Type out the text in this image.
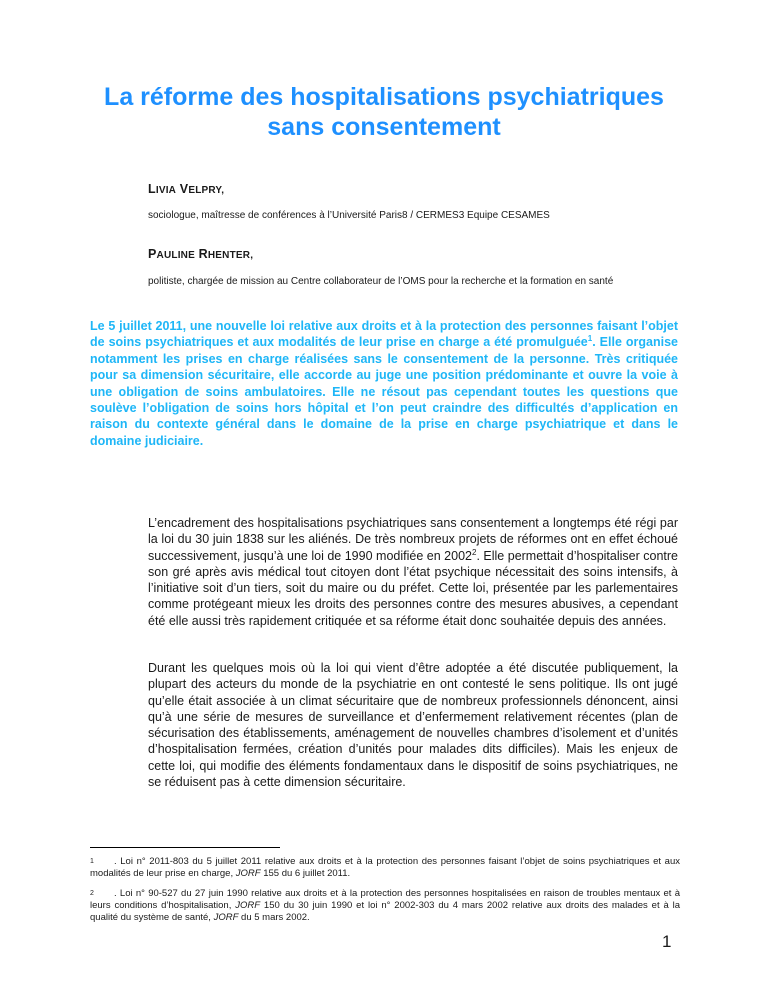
La réforme des hospitalisations psychiatriques
sans consentement
LIVIA VELPRY,
sociologue, maîtresse de conférences à l’Université Paris8 / CERMES3 Equipe CESAMES
PAULINE RHENTER,
politiste, chargée de mission au Centre collaborateur de l’OMS pour la recherche et la formation en santé

Le 5 juillet 2011, une nouvelle loi relative aux droits et à la protection des personnes faisant l’objet de soins psychiatriques et aux modalités de leur prise en charge a été promulguée$^1$. Elle organise notamment les prises en charge réalisées sans le consentement de la personne. Très critiquée pour sa dimension sécuritaire, elle accorde au juge une position prédominante et ouvre la voie à une obligation de soins ambulatoires. Elle ne résout pas cependant toutes les questions que soulève l’obligation de soins hors hôpital et l’on peut craindre des difficultés d’application en raison du contexte général dans le domaine de la prise en charge psychiatrique et dans le domaine judiciaire.

L’encadrement des hospitalisations psychiatriques sans consentement a longtemps été régi par la loi du 30 juin 1838 sur les aliénés. De très nombreux projets de réformes ont en effet échoué successivement, jusqu’à une loi de 1990 modifiée en 2002$^2$. Elle permettait d’hospitaliser contre son gré après avis médical tout citoyen dont l’état psychique nécessitait des soins intensifs, à l’initiative soit d’un tiers, soit du maire ou du préfet. Cette loi, présentée par les parlementaires comme protégeant mieux les droits des personnes contre des mesures abusives, a cependant été elle aussi très rapidement critiquée et sa réforme était donc souhaitée depuis des années.

Durant les quelques mois où la loi qui vient d’être adoptée a été discutée publiquement, la plupart des acteurs du monde de la psychiatrie en ont contesté le sens politique. Ils ont jugé qu’elle était associée à un climat sécuritaire que de nombreux professionnels dénoncent, ainsi qu’à une série de mesures de surveillance et d’enfermement relativement récentes (plan de sécurisation des établissements, aménagement de nouvelles chambres d’isolement et d’unités d’hospitalisation fermées, création d’unités pour malades dits difficiles). Mais les enjeux de cette loi, qui modifie des éléments fondamentaux dans le dispositif de soins psychiatriques, ne se réduisent pas à cette dimension sécuritaire.

1 . Loi n° 2011-803 du 5 juillet 2011 relative aux droits et à la protection des personnes faisant l’objet de soins psychiatriques et aux modalités de leur prise en charge, JORF 155 du 6 juillet 2011.

2 . Loi n° 90-527 du 27 juin 1990 relative aux droits et à la protection des personnes hospitalisées en raison de troubles mentaux et à leurs conditions d’hospitalisation, JORF 150 du 30 juin 1990 et loi n° 2002-303 du 4 mars 2002 relative aux droits des malades et à la qualité du système de santé, JORF du 5 mars 2002.

1
